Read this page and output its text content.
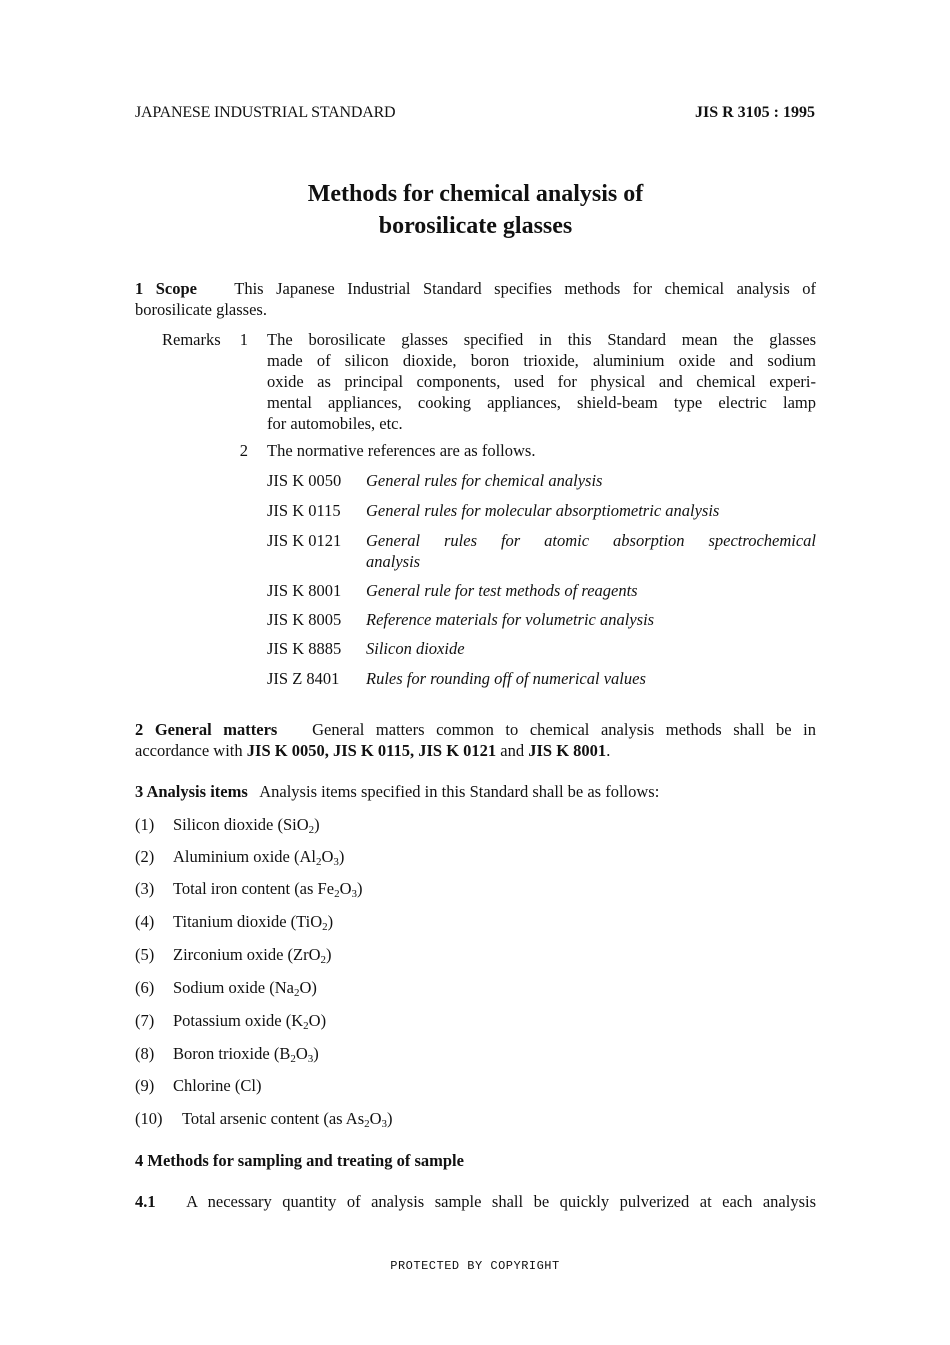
JAPANESE INDUSTRIAL STANDARD	JIS R 3105 : 1995
Methods for chemical analysis of
borosilicate glasses
1 Scope This Japanese Industrial Standard specifies methods for chemical analysis of
borosilicate glasses.
Remarks	1 The borosilicate glasses specified in this Standard mean the glasses
made of silicon dioxide, boron trioxide, aluminium oxide and sodium
oxide as principal components, used for physical and chemical experi-
mental appliances, cooking appliances, shield-beam type electric lamp
for automobiles, etc.
2 The normative references are as follows.
JIS K 0050 General rules for chemical analysis
JIS K 0115 General rules for molecular absorptiometric analysis
JIS K 0121 General rules for atomic absorption spectrochemical
analysis
JIS K 8001 General rule for test methods of reagents
JIS K 8005 Reference materials for volumetric analysis
JIS K 8885 Silicon dioxide
JIS Z 8401 Rules for rounding off of numerical values
2 General matters General matters common to chemical analysis methods shall be in
accordance with JIS K 0050, JIS K 0115, JIS K 0121 and JIS K 8001.
3 Analysis items Analysis items specified in this Standard shall be as follows:
(1) Silicon dioxide (SiO$_2$)
(2) Aluminium oxide $(Al_2O_3)$
(3) Total iron content (as $Fe_2O_3$)
(4) Titanium dioxide (TiO$_2$)
(5) Zirconium oxide (ZrO$_2$)
(6) Sodium oxide $(Na_2O)$
(7) Potassium oxide $(K_2O)$
(8) Boron trioxide $(B_2O_3)$
(9) Chlorine (Cl)
(10) Total arsenic content (as $As_2O_3$)
4 Methods for sampling and treating of sample
4.1 A necessary quantity of analysis sample shall be quickly pulverized at each analysis
PROTECTED BY COPYRIGHT
